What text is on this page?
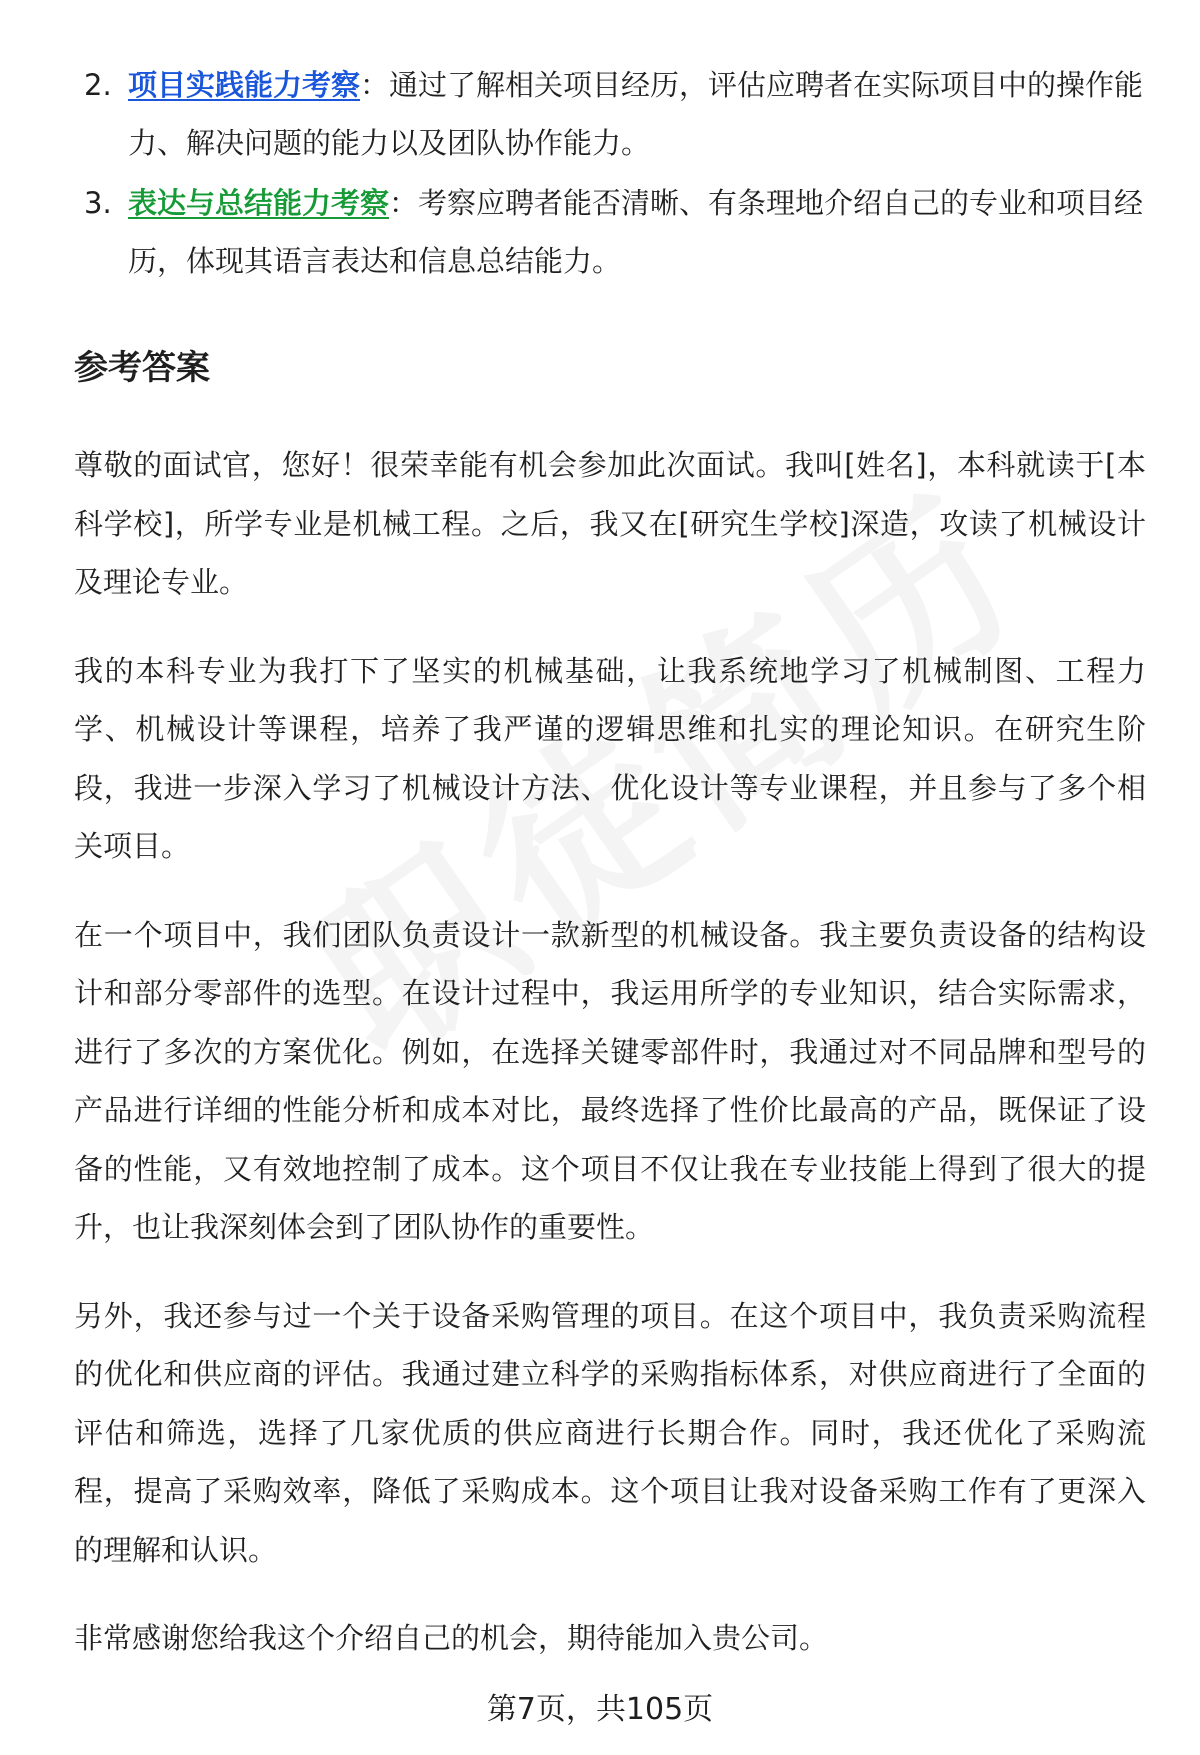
2. 项目实践能力考察：通过了解相关项目经历，评估应聘者在实际项目中的操作能力、解决问题的能力以及团队协作能力。
3. 表达与总结能力考察：考察应聘者能否清晰、有条理地介绍自己的专业和项目经历，体现其语言表达和信息总结能力。
参考答案

尊敬的面试官，您好！很荣幸能有机会参加此次面试。我叫[姓名]，本科就读于[本科学校]，所学专业是机械工程。之后，我又在[研究生学校]深造，攻读了机械设计及理论专业。

我的本科专业为我打下了坚实的机械基础，让我系统地学习了机械制图、工程力学、机械设计等课程，培养了我严谨的逻辑思维和扎实的理论知识。在研究生阶段，我进一步深入学习了机械设计方法、优化设计等专业课程，并且参与了多个相关项目。

在一个项目中，我们团队负责设计一款新型的机械设备。我主要负责设备的结构设计和部分零部件的选型。在设计过程中，我运用所学的专业知识，结合实际需求，进行了多次的方案优化。例如，在选择关键零部件时，我通过对不同品牌和型号的产品进行详细的性能分析和成本对比，最终选择了性价比最高的产品，既保证了设备的性能，又有效地控制了成本。这个项目不仅让我在专业技能上得到了很大的提升，也让我深刻体会到了团队协作的重要性。

另外，我还参与过一个关于设备采购管理的项目。在这个项目中，我负责采购流程的优化和供应商的评估。我通过建立科学的采购指标体系，对供应商进行了全面的评估和筛选，选择了几家优质的供应商进行长期合作。同时，我还优化了采购流程，提高了采购效率，降低了采购成本。这个项目让我对设备采购工作有了更深入的理解和认识。

非常感谢您给我这个介绍自己的机会，期待能加入贵公司。

第7页，共105页
